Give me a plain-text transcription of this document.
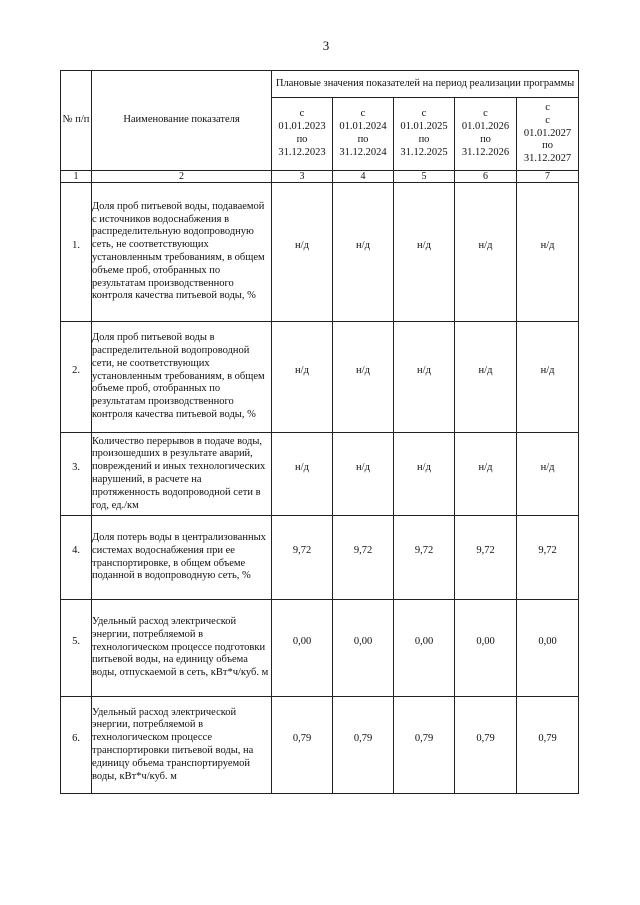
3
№ п/п	Наименование показателя	Плановые значения показателей на период реализации программы				

		с
01.01.2023
по
31.12.2023	с
01.01.2024
по
31.12.2024	с
01.01.2025
по
31.12.2025	с
01.01.2026
по
31.12.2026	с
с
01.01.2027
по
31.12.2027

1	2	3	4	5	6	7
1.	Доля проб питьевой воды, подаваемой с источников водоснабжения в распределительную водопроводную сеть, не соответствующих установленным требованиям, в общем объеме проб, отобранных по результатам производственного контроля качества питьевой воды, %	н/д	н/д	н/д	н/д	н/д
2.	Доля проб питьевой воды в распределительной водопроводной сети, не соответствующих установленным требованиям, в общем объеме проб, отобранных по результатам производственного контроля качества питьевой воды, %	н/д	н/д	н/д	н/д	н/д
3.	Количество перерывов в подаче воды, произошедших в результате аварий, повреждений и иных технологических нарушений, в расчете на протяженность водопроводной сети в год, ед./км	н/д	н/д	н/д	н/д	н/д
4.	Доля потерь воды в централизованных системах водоснабжения при ее транспортировке, в общем объеме поданной в водопроводную сеть, %	9,72	9,72	9,72	9,72	9,72
5.	Удельный расход электрической энергии, потребляемой в технологическом процессе подготовки питьевой воды, на единицу объема воды, отпускаемой в сеть, кВт*ч/куб. м	0,00	0,00	0,00	0,00	0,00
6.	Удельный расход электрической энергии, потребляемой в технологическом процессе транспортировки питьевой воды, на единицу объема транспортируемой воды, кВт*ч/куб. м	0,79	0,79	0,79	0,79	0,79
